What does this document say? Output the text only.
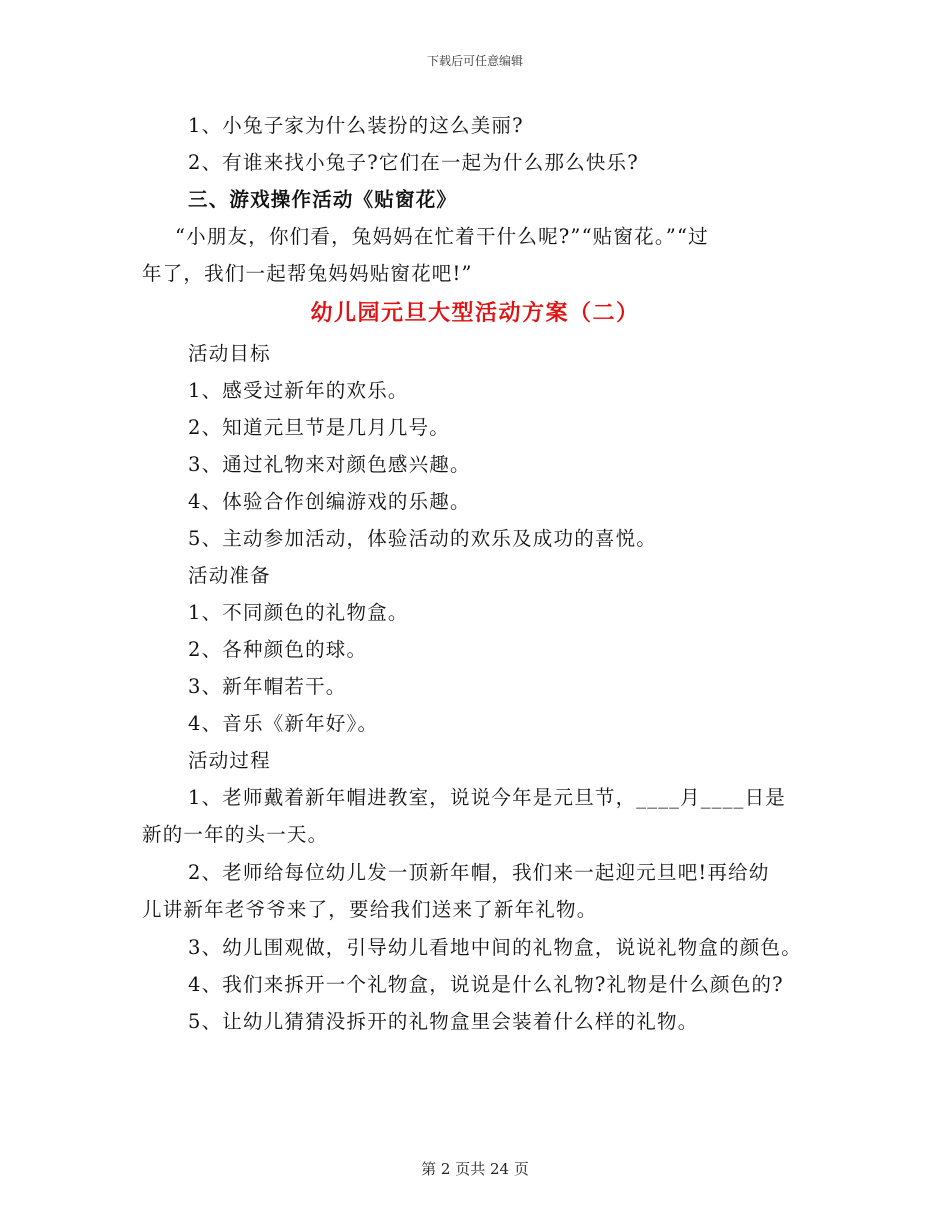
下载后可任意编辑
1、小兔子家为什么装扮的这么美丽?
2、有谁来找小兔子?它们在一起为什么那么快乐?
三、游戏操作活动《贴窗花》
“小朋友，你们看，兔妈妈在忙着干什么呢?”“贴窗花。”“过
年了，我们一起帮兔妈妈贴窗花吧!”
幼儿园元旦大型活动方案（二）
活动目标
1、感受过新年的欢乐。
2、知道元旦节是几月几号。
3、通过礼物来对颜色感兴趣。
4、体验合作创编游戏的乐趣。
5、主动参加活动，体验活动的欢乐及成功的喜悦。
活动准备
1、不同颜色的礼物盒。
2、各种颜色的球。
3、新年帽若干。
4、音乐《新年好》。
活动过程
1、老师戴着新年帽进教室，说说今年是元旦节，____月____日是
新的一年的头一天。
2、老师给每位幼儿发一顶新年帽，我们来一起迎元旦吧!再给幼
儿讲新年老爷爷来了，要给我们送来了新年礼物。
3、幼儿围观做，引导幼儿看地中间的礼物盒，说说礼物盒的颜色。
4、我们来拆开一个礼物盒，说说是什么礼物?礼物是什么颜色的?
5、让幼儿猜猜没拆开的礼物盒里会装着什么样的礼物。
第 2 页共 24 页
